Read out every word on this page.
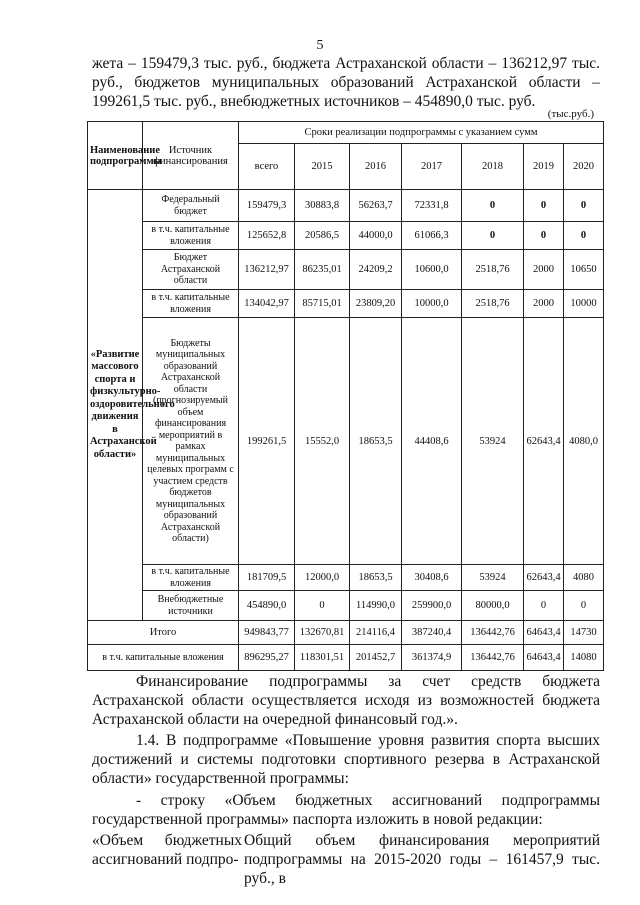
5
жета – 159479,3 тыс. руб., бюджета Астраханской области – 136212,97 тыс. руб., бюджетов муниципальных образований Астраханской области – 199261,5 тыс. руб., внебюджетных источников – 454890,0 тыс. руб.
(тыс.руб.)
Наименование подпрограммы	Источник финансирования	Сроки реализации подпрограммы с указанием сумм						
		всего	2015	2016	2017	2018	2019	2020
«Развитие массового спорта и физкультурно-оздоровительного движения в Астраханской области»	Федеральный бюджет	159479,3	30883,8	56263,7	72331,8	0	0	0
	в т.ч. капитальные вложения	125652,8	20586,5	44000,0	61066,3	0	0	0
	Бюджет Астраханской области	136212,97	86235,01	24209,2	10600,0	2518,76	2000	10650
	в т.ч. капитальные вложения	134042,97	85715,01	23809,20	10000,0	2518,76	2000	10000
	Бюджеты муниципальных образований Астраханской области (прогнозируемый объем финансирования мероприятий в рамках муниципальных целевых программ с участием средств бюджетов муниципальных образований Астраханской области)	199261,5	15552,0	18653,5	44408,6	53924	62643,4	4080,0
	в т.ч. капитальные вложения	181709,5	12000,0	18653,5	30408,6	53924	62643,4	4080
	Внебюджетные источники	454890,0	0	114990,0	259900,0	80000,0	0	0
Итого		949843,77	132670,81	214116,4	387240,4	136442,76	64643,4	14730
в т.ч. капитальные вложения		896295,27	118301,51	201452,7	361374,9	136442,76	64643,4	14080
Финансирование подпрограммы за счет средств бюджета Астраханской области осуществляется исходя из возможностей бюджета Астраханской области на очередной финансовый год.».
1.4. В подпрограмме «Повышение уровня развития спорта высших достижений и системы подготовки спортивного резерва в Астраханской области» государственной программы:
- строку «Объем бюджетных ассигнований подпрограммы государственной программы» паспорта изложить в новой редакции:
«Объем бюджетных ассигнований подпро-Общий объем финансирования мероприятий подпрограммы на 2015-2020 годы – 161457,9 тыс. руб., в
